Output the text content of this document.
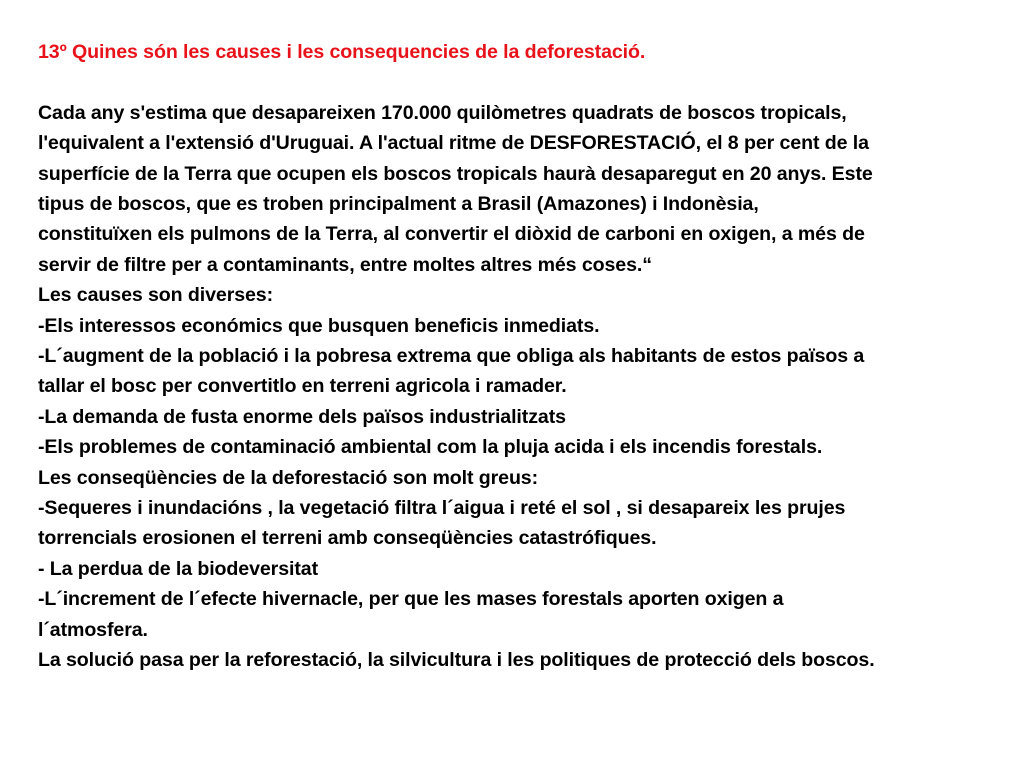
13º Quines són les causes i les consequencies de la deforestació.
Cada any s'estima que desapareixen 170.000 quilòmetres quadrats de boscos tropicals,
l'equivalent a l'extensió d'Uruguai. A l'actual ritme de DESFORESTACIÓ, el 8 per cent de la
superfície de la Terra que ocupen els boscos tropicals haurà desaparegut en 20 anys. Este
tipus de boscos, que es troben principalment a Brasil (Amazones) i Indonèsia,
constituïxen els pulmons de la Terra, al convertir el diòxid de carboni en oxigen, a més de
servir de filtre per a contaminants, entre moltes altres més coses.“
Les causes son diverses:
-Els interessos económics que busquen beneficis inmediats.
-L´augment de la població i la pobresa extrema que obliga als habitants de estos països a
tallar el bosc per convertitlo en terreni agricola i ramader.
-La demanda de fusta enorme dels països industrialitzats
-Els problemes de contaminació ambiental com la pluja acida i els incendis forestals.
Les conseqüències de la deforestació son molt greus:
-Sequeres i inundacións , la vegetació filtra l´aigua i reté el sol , si desapareix les prujes
torrencials erosionen el terreni amb conseqüències catastrófiques.
- La perdua de la biodeversitat
-L´increment de l´efecte hivernacle, per que les mases forestals aporten oxigen a
l´atmosfera.
La solució pasa per la reforestació, la silvicultura i les politiques de protecció dels boscos.
